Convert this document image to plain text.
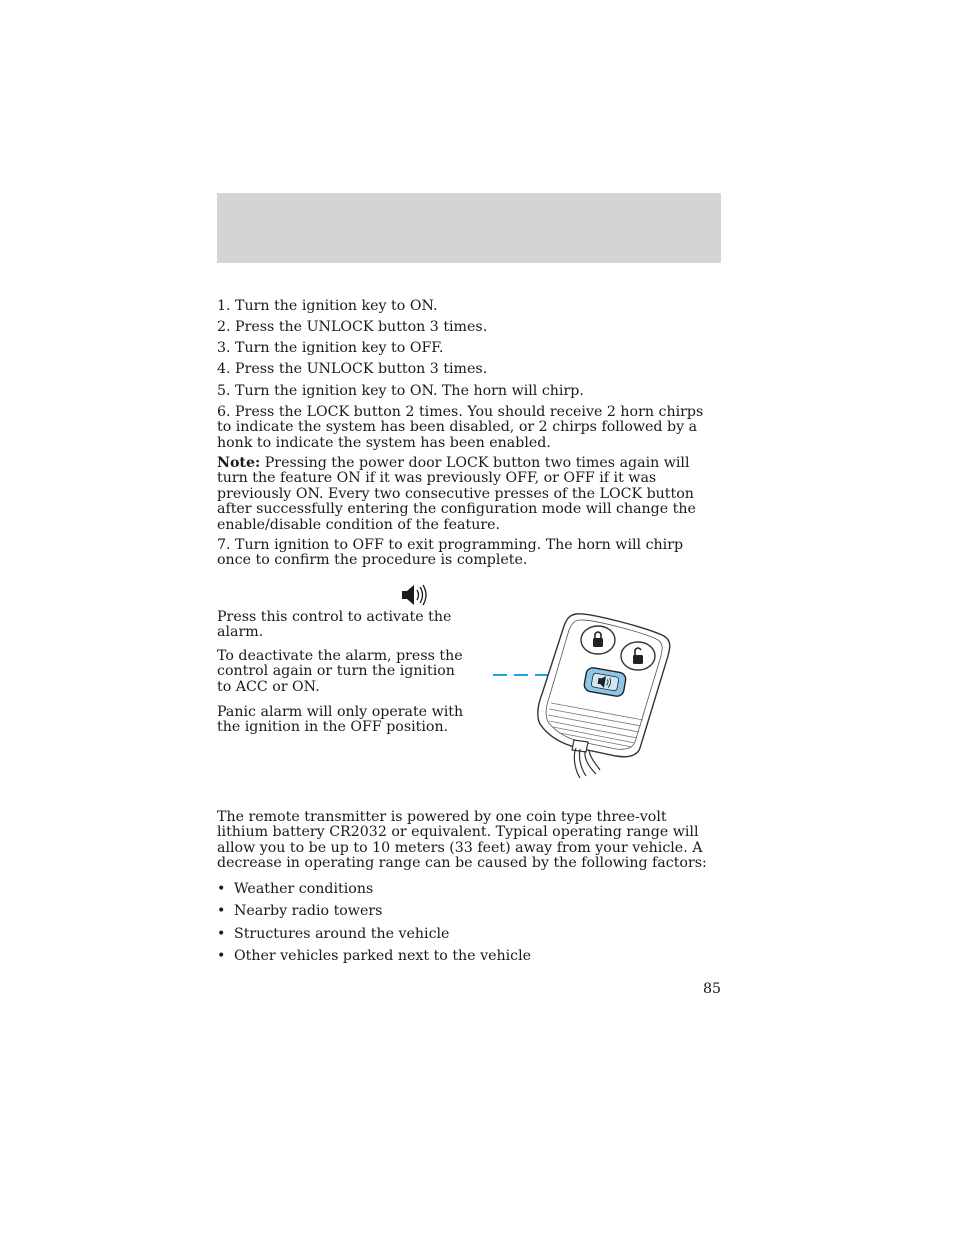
1. Turn the ignition key to ON.

2. Press the UNLOCK button 3 times.

3. Turn the ignition key to OFF.

4. Press the UNLOCK button 3 times.

5. Turn the ignition key to ON. The horn will chirp.

6. Press the LOCK button 2 times. You should receive 2 horn chirps to indicate the system has been disabled, or 2 chirps followed by a honk to indicate the system has been enabled.

Note: Pressing the power door LOCK button two times again will turn the feature ON if it was previously OFF, or OFF if it was previously ON. Every two consecutive presses of the LOCK button after successfully entering the configuration mode will change the enable/disable condition of the feature.

7. Turn ignition to OFF to exit programming. The horn will chirp once to confirm the procedure is complete.

Press this control to activate the alarm.

To deactivate the alarm, press the control again or turn the ignition to ACC or ON.

Panic alarm will only operate with the ignition in the OFF position.

The remote transmitter is powered by one coin type three-volt lithium battery CR2032 or equivalent. Typical operating range will allow you to be up to 10 meters (33 feet) away from your vehicle. A decrease in operating range can be caused by the following factors:

• Weather conditions

• Nearby radio towers

• Structures around the vehicle

• Other vehicles parked next to the vehicle

85
